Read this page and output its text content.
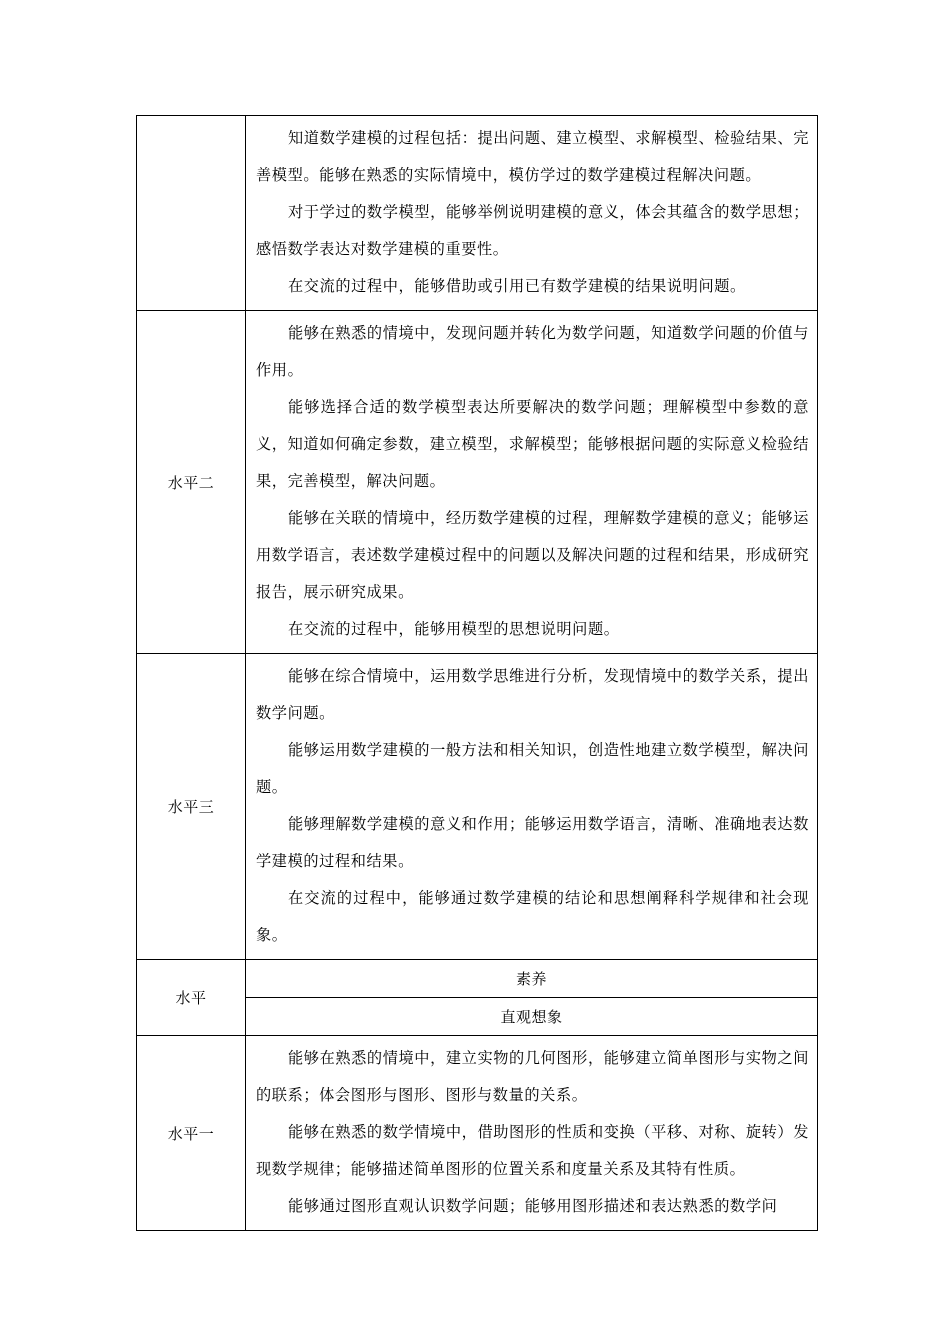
	知道数学建模的过程包括：提出问题、建立模型、求解模型、检验结果、完善模型。能够在熟悉的实际情境中，模仿学过的数学建模过程解决问题。

对于学过的数学模型，能够举例说明建模的意义，体会其蕴含的数学思想；感悟数学表达对数学建模的重要性。

在交流的过程中，能够借助或引用已有数学建模的结果说明问题。

水平二	能够在熟悉的情境中，发现问题并转化为数学问题，知道数学问题的价值与作用。

能够选择合适的数学模型表达所要解决的数学问题；理解模型中参数的意义，知道如何确定参数，建立模型，求解模型；能够根据问题的实际意义检验结果，完善模型，解决问题。

能够在关联的情境中，经历数学建模的过程，理解数学建模的意义；能够运用数学语言，表述数学建模过程中的问题以及解决问题的过程和结果，形成研究报告，展示研究成果。

在交流的过程中，能够用模型的思想说明问题。

水平三	能够在综合情境中，运用数学思维进行分析，发现情境中的数学关系，提出数学问题。

能够运用数学建模的一般方法和相关知识，创造性地建立数学模型，解决问题。

能够理解数学建模的意义和作用；能够运用数学语言，清晰、准确地表达数学建模的过程和结果。

在交流的过程中，能够通过数学建模的结论和思想阐释科学规律和社会现象。

水平	素养
	直观想象
水平一	能够在熟悉的情境中，建立实物的几何图形，能够建立简单图形与实物之间的联系；体会图形与图形、图形与数量的关系。

能够在熟悉的数学情境中，借助图形的性质和变换（平移、对称、旋转）发现数学规律；能够描述简单图形的位置关系和度量关系及其特有性质。

能够通过图形直观认识数学问题；能够用图形描述和表达熟悉的数学问
